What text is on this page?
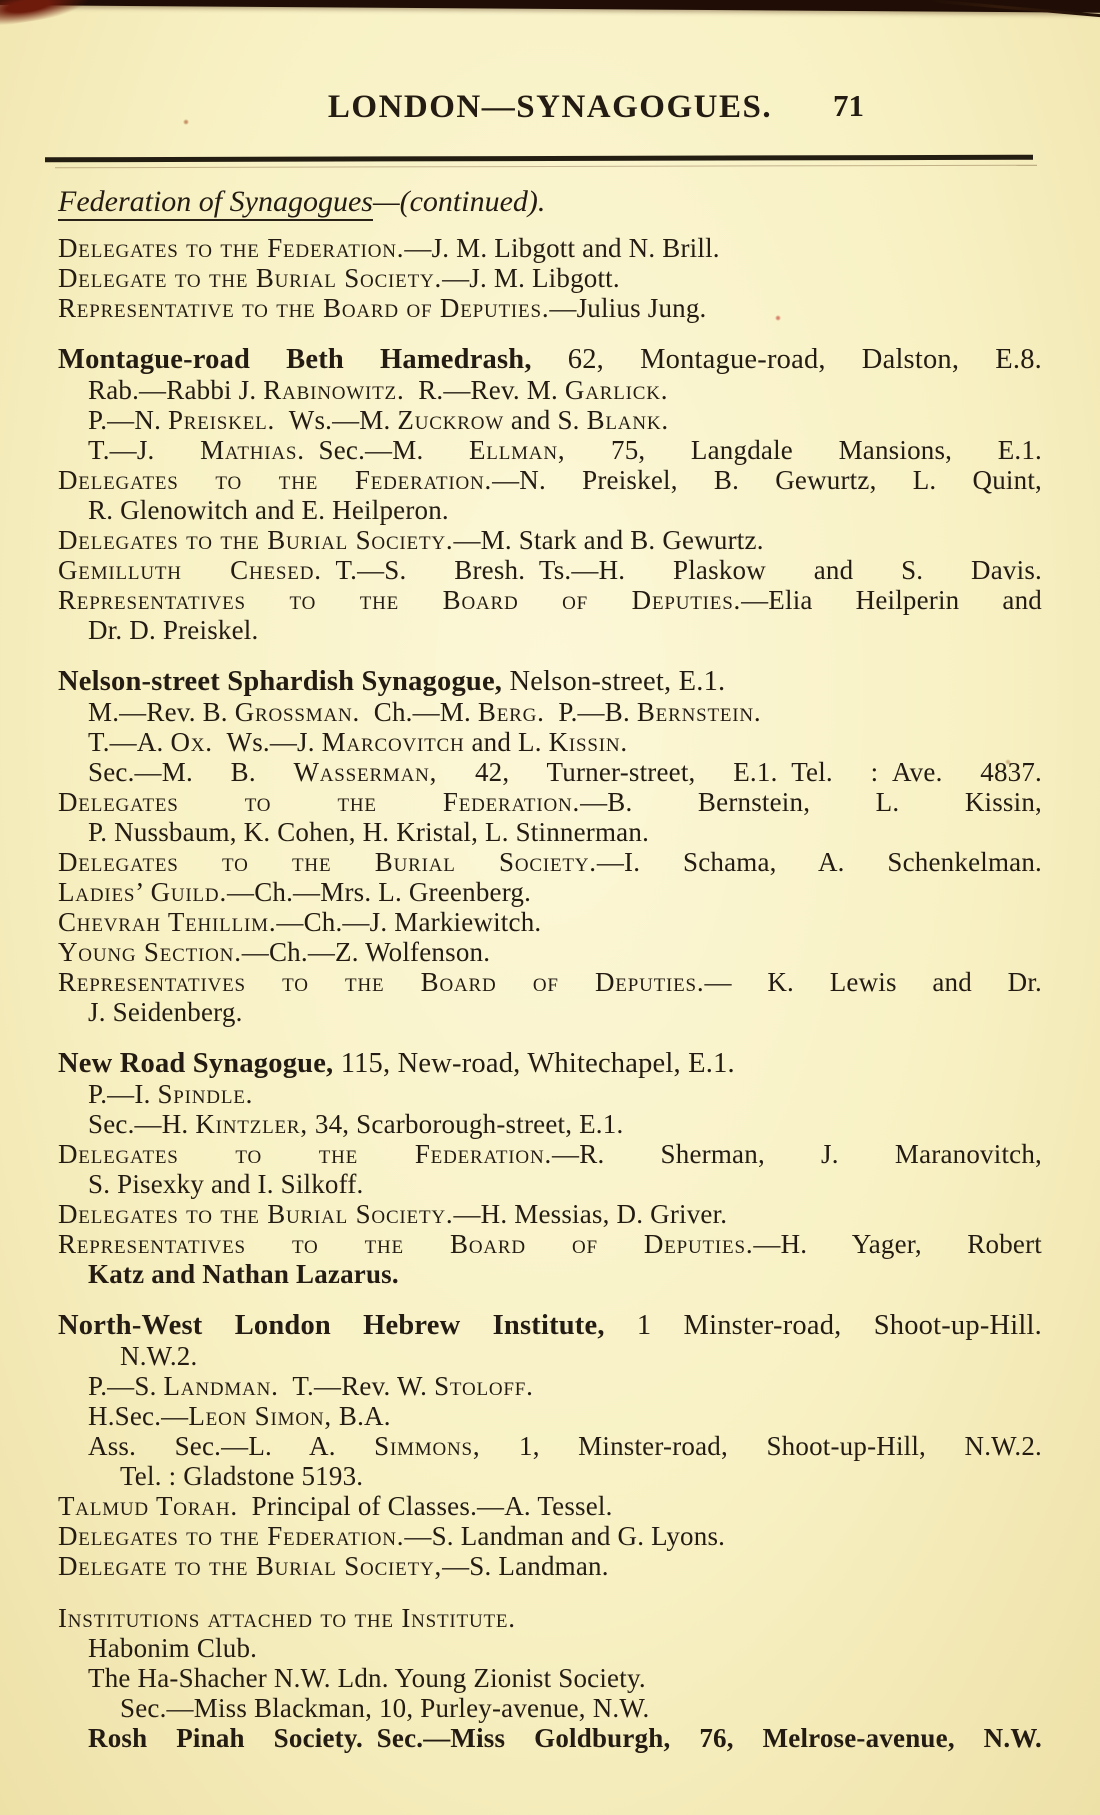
LONDON—SYNAGOGUES.	71

Federation of Synagogues—(continued).

Delegates to the Federation.—J. M. Libgott and N. Brill.

Delegate to the Burial Society.—J. M. Libgott.

Representative to the Board of Deputies.—Julius Jung.

Montague-road Beth Hamedrash, 62, Montague-road, Dalston, E.8.

Rab.—Rabbi J. Rabinowitz. R.—Rev. M. Garlick.

P.—N. Preiskel. Ws.—M. Zuckrow and S. Blank.

T.—J. Mathias. Sec.—M. Ellman, 75, Langdale Mansions, E.1.

Delegates to the Federation.—N. Preiskel, B. Gewurtz, L. Quint,

R. Glenowitch and E. Heilperon.

Delegates to the Burial Society.—M. Stark and B. Gewurtz.

Gemilluth Chesed. T.—S. Bresh. Ts.—H. Plaskow and S. Davis.

Representatives to the Board of Deputies.—Elia Heilperin and

Dr. D. Preiskel.

Nelson-street Sphardish Synagogue, Nelson-street, E.1.

M.—Rev. B. Grossman. Ch.—M. Berg. P.—B. Bernstein.

T.—A. Ox. Ws.—J. Marcovitch and L. Kissin.

Sec.—M. B. Wasserman, 42, Turner-street, E.1. Tel. : Ave. 4837.

Delegates to the Federation.—B. Bernstein, L. Kissin,

P. Nussbaum, K. Cohen, H. Kristal, L. Stinnerman.

Delegates to the Burial Society.—I. Schama, A. Schenkelman.

Ladies’ Guild.—Ch.—Mrs. L. Greenberg.

Chevrah Tehillim.—Ch.—J. Markiewitch.

Young Section.—Ch.—Z. Wolfenson.

Representatives to the Board of Deputies.— K. Lewis and Dr.

J. Seidenberg.

New Road Synagogue, 115, New-road, Whitechapel, E.1.

P.—I. Spindle.

Sec.—H. Kintzler, 34, Scarborough-street, E.1.

Delegates to the Federation.—R. Sherman, J. Maranovitch,

S. Pisexky and I. Silkoff.

Delegates to the Burial Society.—H. Messias, D. Griver.

Representatives to the Board of Deputies.—H. Yager, Robert

Katz and Nathan Lazarus.

North-West London Hebrew Institute, 1 Minster-road, Shoot-up-Hill.

N.W.2.

P.—S. Landman. T.—Rev. W. Stoloff.

H.Sec.—Leon Simon, B.A.

Ass. Sec.—L. A. Simmons, 1, Minster-road, Shoot-up-Hill, N.W.2.

Tel. : Gladstone 5193.

Talmud Torah. Principal of Classes.—A. Tessel.

Delegates to the Federation.—S. Landman and G. Lyons.

Delegate to the Burial Society,—S. Landman.

Institutions attached to the Institute.

Habonim Club.

The Ha-Shacher N.W. Ldn. Young Zionist Society.

Sec.—Miss Blackman, 10, Purley-avenue, N.W.

Rosh Pinah Society. Sec.—Miss Goldburgh, 76, Melrose-avenue, N.W.
